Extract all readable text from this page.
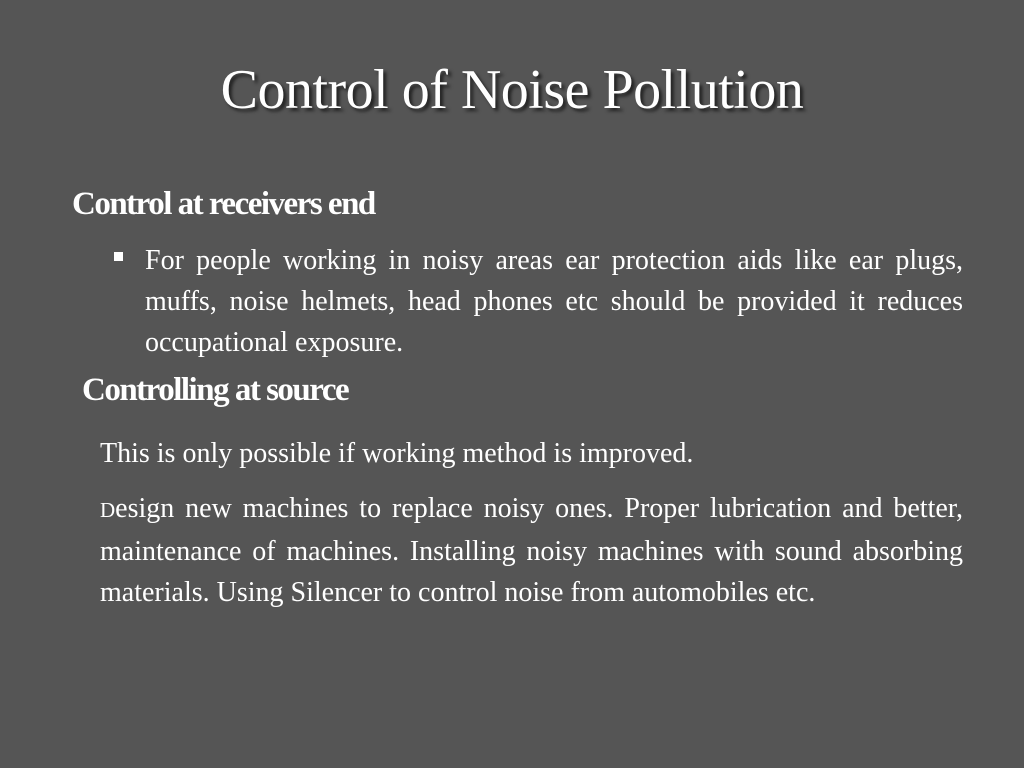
Control of Noise Pollution
Control at receivers end
For people working in noisy areas ear protection aids like ear plugs, muffs, noise helmets, head phones etc should be provided it reduces occupational exposure.
Controlling at source
This is only possible if working method is improved.
Design new machines to replace noisy ones. Proper lubrication and better, maintenance of machines. Installing noisy machines with sound absorbing materials. Using Silencer to control noise from automobiles etc.
